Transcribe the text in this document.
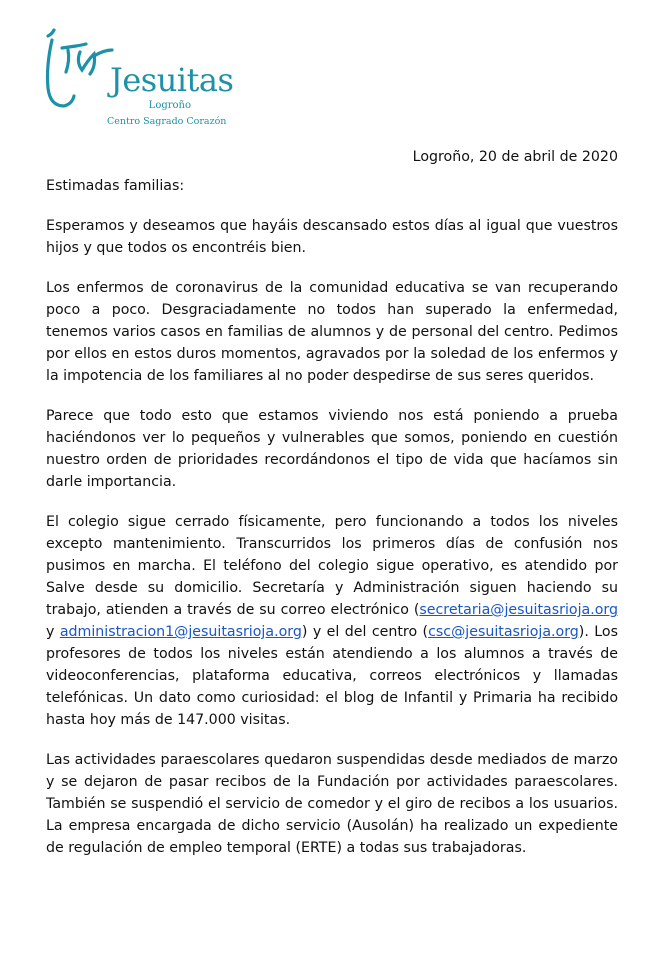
Jesuitas
Logroño
Centro Sagrado Corazón
Logroño, 20 de abril de 2020

Estimadas familias:

Esperamos y deseamos que hayáis descansado estos días al igual que vuestros hijos y que todos os encontréis bien.

Los enfermos de coronavirus de la comunidad educativa se van recuperando poco a poco. Desgraciadamente no todos han superado la enfermedad, tenemos varios casos en familias de alumnos y de personal del centro. Pedimos por ellos en estos duros momentos, agravados por la soledad de los enfermos y la impotencia de los familiares al no poder despedirse de sus seres queridos.

Parece que todo esto que estamos viviendo nos está poniendo a prueba haciéndonos ver lo pequeños y vulnerables que somos, poniendo en cuestión nuestro orden de prioridades recordándonos el tipo de vida que hacíamos sin darle importancia.

El colegio sigue cerrado físicamente, pero funcionando a todos los niveles excepto mantenimiento. Transcurridos los primeros días de confusión nos pusimos en marcha. El teléfono del colegio sigue operativo, es atendido por Salve desde su domicilio. Secretaría y Administración siguen haciendo su trabajo, atienden a través de su correo electrónico (secretaria@jesuitasrioja.org y administracion1@jesuitasrioja.org) y el del centro (csc@jesuitasrioja.org). Los profesores de todos los niveles están atendiendo a los alumnos a través de videoconferencias, plataforma educativa, correos electrónicos y llamadas telefónicas. Un dato como curiosidad: el blog de Infantil y Primaria ha recibido hasta hoy más de 147.000 visitas.

Las actividades paraescolares quedaron suspendidas desde mediados de marzo y se dejaron de pasar recibos de la Fundación por actividades paraescolares. También se suspendió el servicio de comedor y el giro de recibos a los usuarios. La empresa encargada de dicho servicio (Ausolán) ha realizado un expediente de regulación de empleo temporal (ERTE) a todas sus trabajadoras.
